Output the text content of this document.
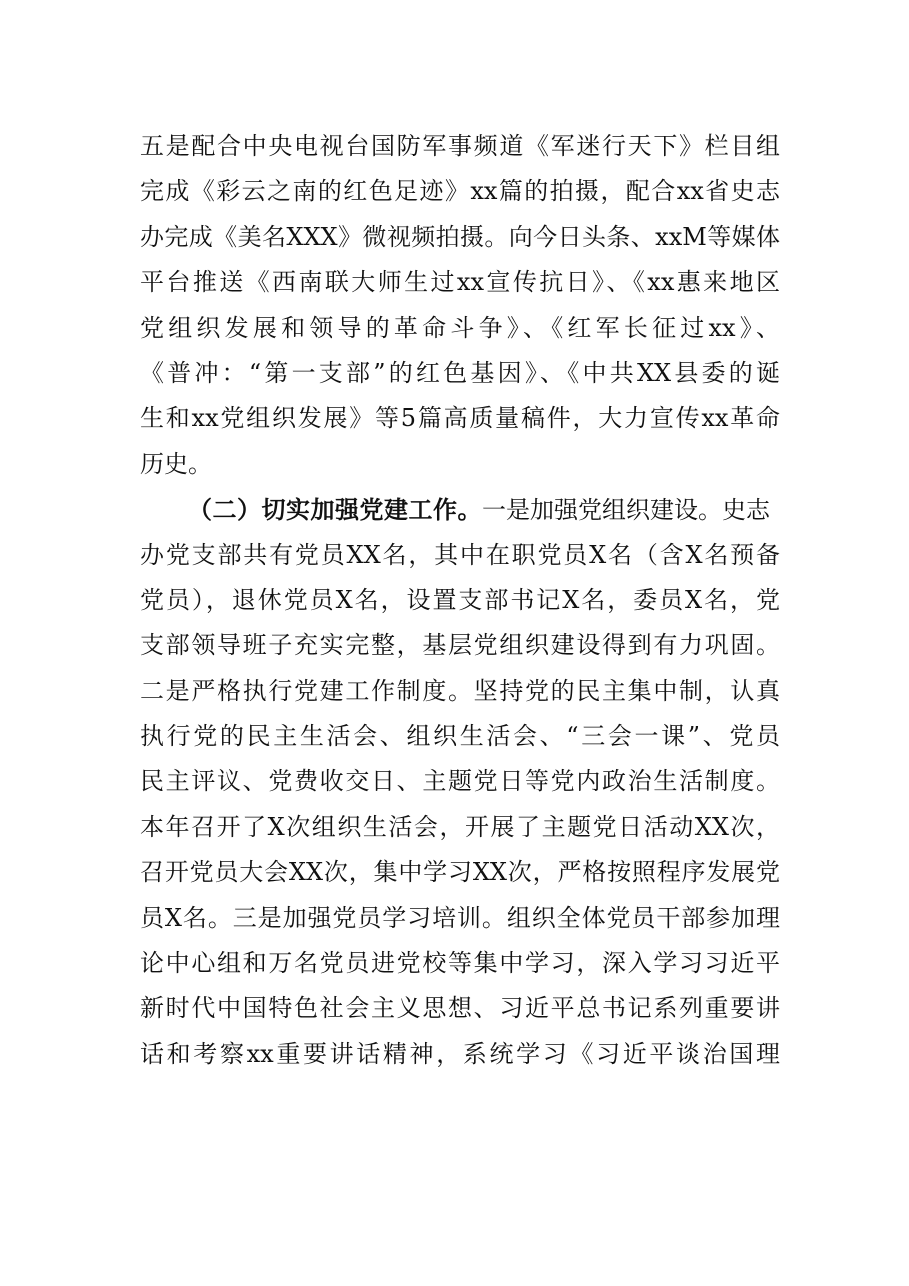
五是配合中央电视台国防军事频道《军迷行天下》栏目组
完成《彩云之南的红色足迹》xx篇的拍摄，配合xx省史志
办完成《美名XXX》微视频拍摄。向今日头条、xxM等媒体
平台推送《西南联大师生过xx宣传抗日》、《xx惠来地区
党组织发展和领导的革命斗争》、《红军长征过xx》、
《普冲：“第一支部”的红色基因》、《中共XX县委的诞
生和xx党组织发展》等5篇高质量稿件，大力宣传xx革命
历史。
（二）切实加强党建工作。一是加强党组织建设。史志
办党支部共有党员XX名，其中在职党员X名（含X名预备
党员），退休党员X名，设置支部书记X名，委员X名，党
支部领导班子充实完整，基层党组织建设得到有力巩固。
二是严格执行党建工作制度。坚持党的民主集中制，认真
执行党的民主生活会、组织生活会、“三会一课”、党员
民主评议、党费收交日、主题党日等党内政治生活制度。
本年召开了X次组织生活会，开展了主题党日活动XX次，
召开党员大会XX次，集中学习XX次，严格按照程序发展党
员X名。三是加强党员学习培训。组织全体党员干部参加理
论中心组和万名党员进党校等集中学习，深入学习习近平
新时代中国特色社会主义思想、习近平总书记系列重要讲
话和考察xx重要讲话精神，系统学习《习近平谈治国理
